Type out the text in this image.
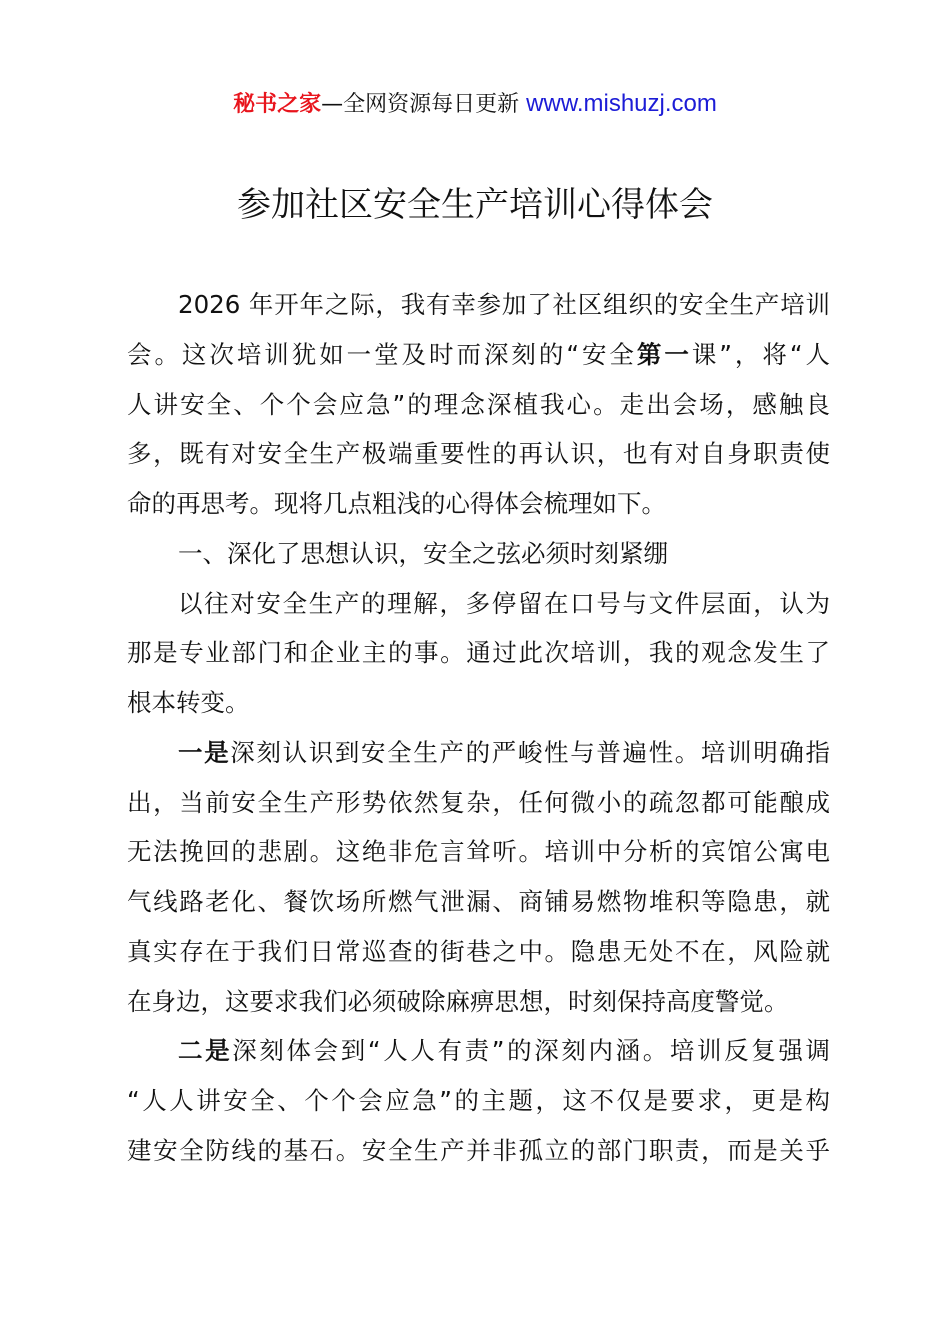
秘书之家—全网资源每日更新 www.mishuzj.com
参加社区安全生产培训心得体会
2026 年开年之际，我有幸参加了社区组织的安全生产培训
会。这次培训犹如一堂及时而深刻的“安全第一课”，将“人
人讲安全、个个会应急”的理念深植我心。走出会场，感触良
多，既有对安全生产极端重要性的再认识，也有对自身职责使
命的再思考。现将几点粗浅的心得体会梳理如下。
一、深化了思想认识，安全之弦必须时刻紧绷
以往对安全生产的理解，多停留在口号与文件层面，认为
那是专业部门和企业主的事。通过此次培训，我的观念发生了
根本转变。
一是深刻认识到安全生产的严峻性与普遍性。培训明确指
出，当前安全生产形势依然复杂，任何微小的疏忽都可能酿成
无法挽回的悲剧。这绝非危言耸听。培训中分析的宾馆公寓电
气线路老化、餐饮场所燃气泄漏、商铺易燃物堆积等隐患，就
真实存在于我们日常巡查的街巷之中。隐患无处不在，风险就
在身边，这要求我们必须破除麻痹思想，时刻保持高度警觉。
二是深刻体会到“人人有责”的深刻内涵。培训反复强调
“人人讲安全、个个会应急”的主题，这不仅是要求，更是构
建安全防线的基石。安全生产并非孤立的部门职责，而是关乎
